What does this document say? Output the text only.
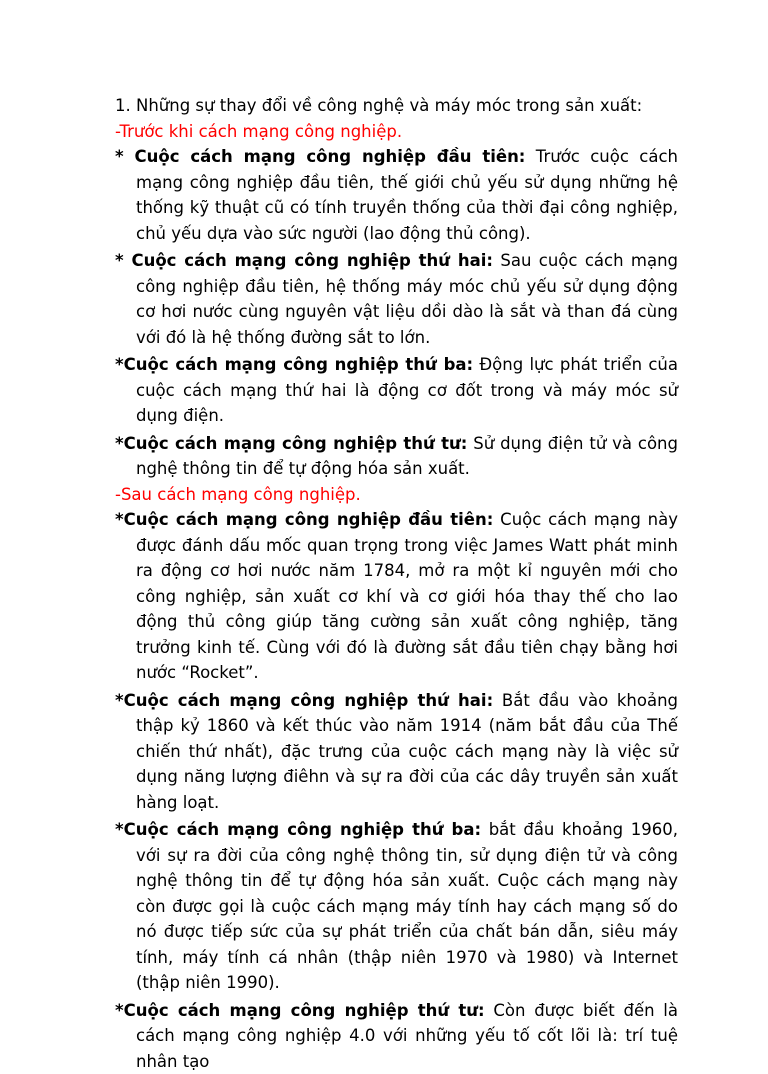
1. Những sự thay đổi về công nghệ và máy móc trong sản xuất:
-Trước khi cách mạng công nghiệp.

* Cuộc cách mạng công nghiệp đầu tiên: Trước cuộc cách mạng công nghiệp đầu tiên, thế giới chủ yếu sử dụng những hệ thống kỹ thuật cũ có tính truyền thống của thời đại công nghiệp, chủ yếu dựa vào sức người (lao động thủ công).

* Cuộc cách mạng công nghiệp thứ hai: Sau cuộc cách mạng công nghiệp đầu tiên, hệ thống máy móc chủ yếu sử dụng động cơ hơi nước cùng nguyên vật liệu dồi dào là sắt và than đá cùng với đó là hệ thống đường sắt to lớn.

*Cuộc cách mạng công nghiệp thứ ba: Động lực phát triển của cuộc cách mạng thứ hai là động cơ đốt trong và máy móc sử dụng điện.

*Cuộc cách mạng công nghiệp thứ tư: Sử dụng điện tử và công nghệ thông tin để tự động hóa sản xuất.

-Sau cách mạng công nghiệp.

*Cuộc cách mạng công nghiệp đầu tiên: Cuộc cách mạng này được đánh dấu mốc quan trọng trong việc James Watt phát minh ra động cơ hơi nước năm 1784, mở ra một kỉ nguyên mới cho công nghiệp, sản xuất cơ khí và cơ giới hóa thay thế cho lao động thủ công giúp tăng cường sản xuất công nghiệp, tăng trưởng kinh tế. Cùng với đó là đường sắt đầu tiên chạy bằng hơi nước “Rocket”.

*Cuộc cách mạng công nghiệp thứ hai: Bắt đầu vào khoảng thập kỷ 1860 và kết thúc vào năm 1914 (năm bắt đầu của Thế chiến thứ nhất), đặc trưng của cuộc cách mạng này là việc sử dụng năng lượng điêhn và sự ra đời của các dây truyền sản xuất hàng loạt.

*Cuộc cách mạng công nghiệp thứ ba: bắt đầu khoảng 1960, với sự ra đời của công nghệ thông tin, sử dụng điện tử và công nghệ thông tin để tự động hóa sản xuất. Cuộc cách mạng này còn được gọi là cuộc cách mạng máy tính hay cách mạng số do nó được tiếp sức của sự phát triển của chất bán dẫn, siêu máy tính, máy tính cá nhân (thập niên 1970 và 1980) và Internet (thập niên 1990).

*Cuộc cách mạng công nghiệp thứ tư: Còn được biết đến là cách mạng công nghiệp 4.0 với những yếu tố cốt lõi là: trí tuệ nhân tạo
